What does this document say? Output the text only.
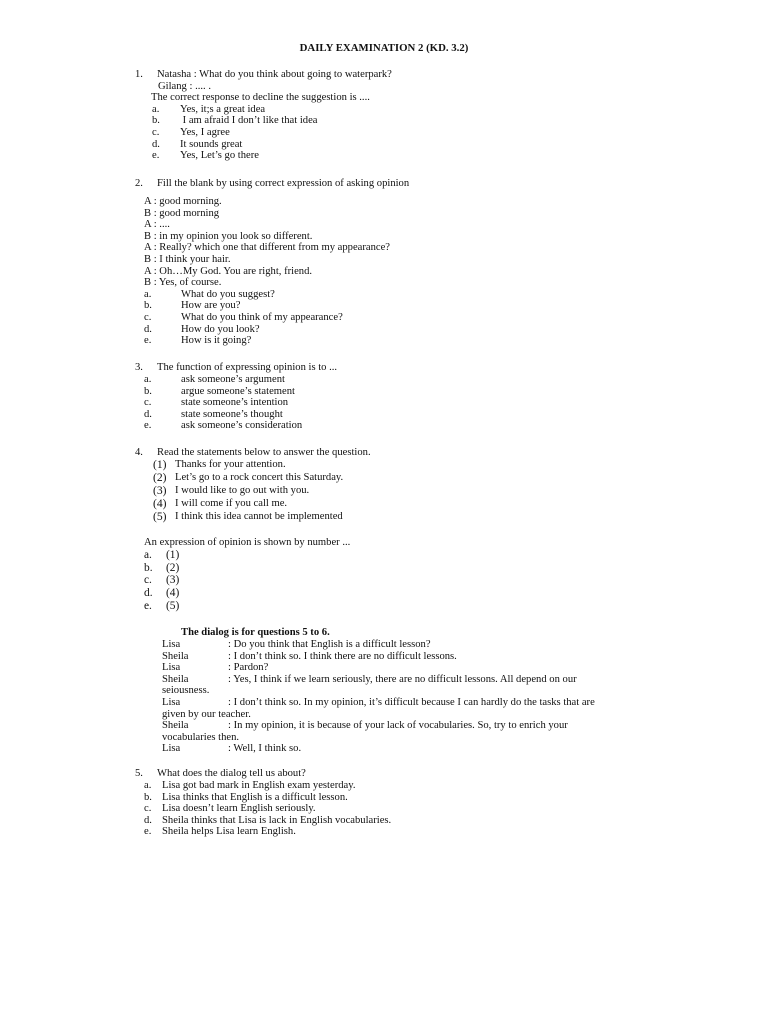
DAILY EXAMINATION 2 (KD. 3.2)
1. Natasha : What do you think about going to waterpark?
Gilang : .... .
The correct response to decline the suggestion is ....
a.	Yes, it;s a great idea
b.	I am afraid I don’t like that idea
c.	Yes, I agree
d.	It sounds great
e.	Yes, Let’s go there
2. Fill the blank by using correct expression of asking opinion
A : good morning.
B : good morning
A : ....
B : in my opinion you look so different.
A : Really? which one that different from my appearance?
B : I think your hair.
A : Oh…My God. You are right, friend.
B : Yes, of course.
a.	What do you suggest?
b.	How are you?
c.	What do you think of my appearance?
d.	How do you look?
e.	How is it going?
3. The function of expressing opinion is to ...
a.	ask someone’s argument
b.	argue someone’s statement
c.	state someone’s intention
d.	state someone’s thought
e.	ask someone’s consideration
4. Read the statements below to answer the question.
(1) Thanks for your attention.
(2) Let’s go to a rock concert this Saturday.
(3) I would like to go out with you.
(4) I will come if you call me.
(5) I think this idea cannot be implemented
An expression of opinion is shown by number ...
a.	(1)
b.	(2)
c.	(3)
d.	(4)
e.	(5)
The dialog is for questions 5 to 6.
Lisa	: Do you think that English is a difficult lesson?
Sheila	: I don’t think so. I think there are no difficult lessons.
Lisa	: Pardon?
Sheila	: Yes, I think if we learn seriously, there are no difficult lessons. All depend on our
seiousness.
Lisa	: I don’t think so. In my opinion, it’s difficult because I can hardly do the tasks that are
given by our teacher.
Sheila	: In my opinion, it is because of your lack of vocabularies. So, try to enrich your
vocabularies then.
Lisa	: Well, I think so.
5. What does the dialog tell us about?
a.	Lisa got bad mark in English exam yesterday.
b. Lisa thinks that English is a difficult lesson.
c.	Lisa doesn’t learn English seriously.
d. Sheila thinks that Lisa is lack in English vocabularies.
e.	Sheila helps Lisa learn English.
